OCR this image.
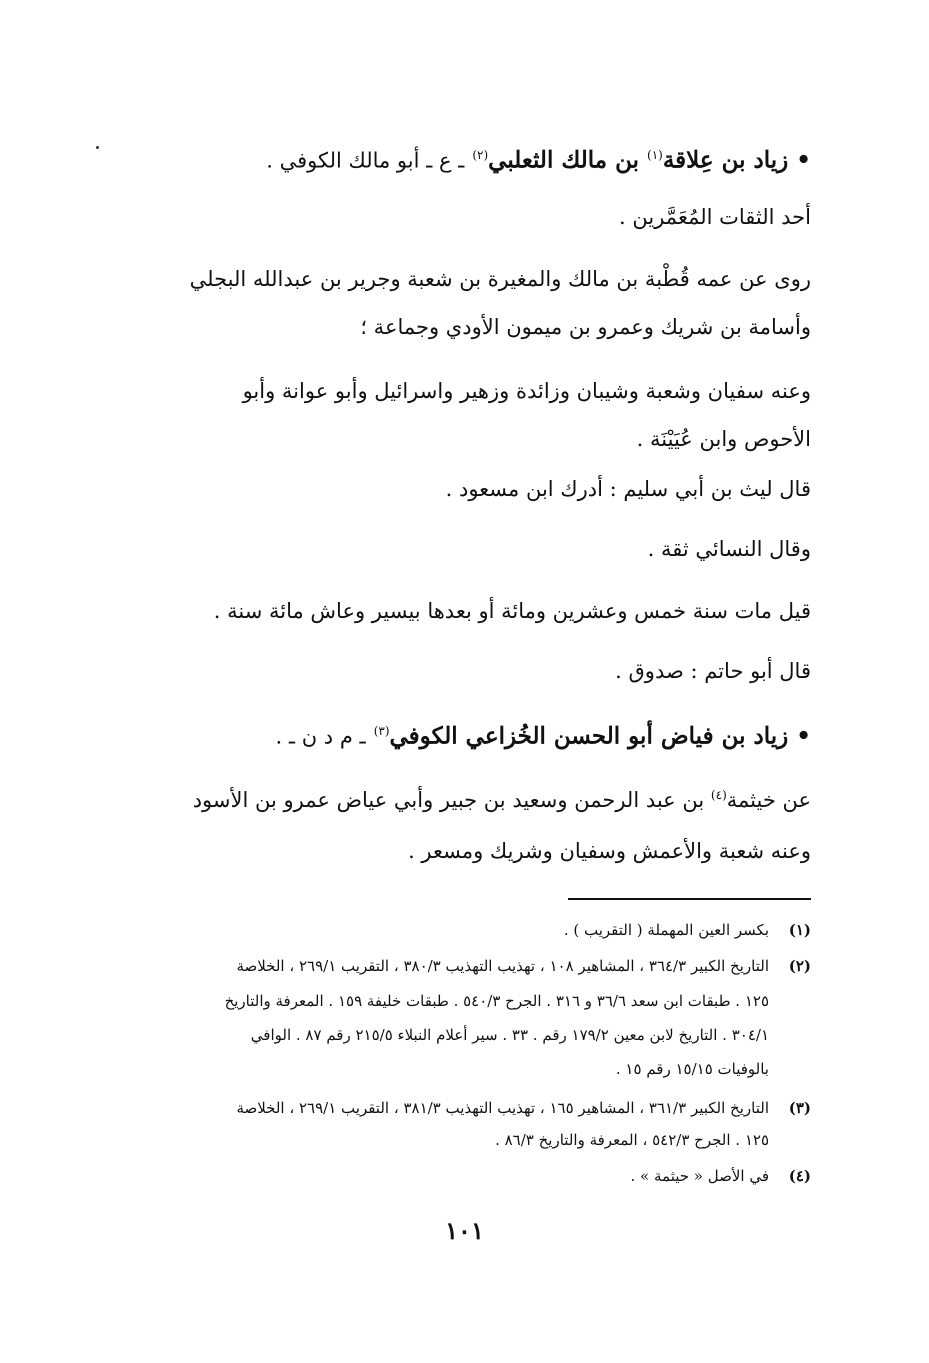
• زياد بن عِلاقة$^{(١)}$ بن مالك الثعلبي$^{(٢)}$ ـ ع ـ أبو مالك الكوفي .
أحد الثقات المُعَمَّرين .
روى عن عمه قُطْبة بن مالك والمغيرة بن شعبة وجرير بن عبدالله البجلي
وأسامة بن شريك وعمرو بن ميمون الأودي وجماعة ؛
وعنه سفيان وشعبة وشيبان وزائدة وزهير واسرائيل وأبو عوانة وأبو
الأحوص وابن عُيَيْنَة .
قال ليث بن أبي سليم : أدرك ابن مسعود .
وقال النسائي ثقة .
قيل مات سنة خمس وعشرين ومائة أو بعدها بيسير وعاش مائة سنة .
قال أبو حاتم : صدوق .
• زياد بن فياض أبو الحسن الخُزاعي الكوفي$^{(٣)}$ ـ م د ن ـ .
عن خيثمة$^{(٤)}$ بن عبد الرحمن وسعيد بن جبير وأبي عياض عمرو بن الأسود
وعنه شعبة والأعمش وسفيان وشريك ومسعر .
(١)
بكسر العين المهملة ( التقريب ) .
(٢)
التاريخ الكبير ٣٦٤/٣ ، المشاهير ١٠٨ ، تهذيب التهذيب ٣٨٠/٣ ، التقريب ٢٦٩/١ ، الخلاصة
١٢٥ . طبقات ابن سعد ٣٦/٦ و ٣١٦ . الجرح ٥٤٠/٣ . طبقات خليفة ١٥٩ . المعرفة والتاريخ
٣٠٤/١ . التاريخ لابن معين ١٧٩/٢ رقم . ٣٣ . سير أعلام النبلاء ٢١٥/٥ رقم ٨٧ . الوافي
بالوفيات ١٥/١٥ رقم ١٥ .
(٣)
التاريخ الكبير ٣٦١/٣ ، المشاهير ١٦٥ ، تهذيب التهذيب ٣٨١/٣ ، التقريب ٢٦٩/١ ، الخلاصة
١٢٥ . الجرح ٥٤٢/٣ ، المعرفة والتاريخ ٨٦/٣ .
(٤)
في الأصل « حيثمة » .
١٠١
